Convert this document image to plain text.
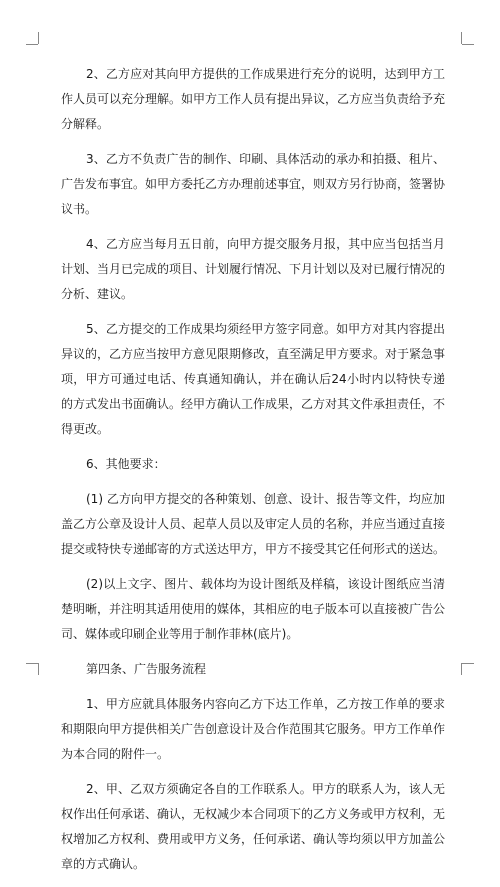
2、乙方应对其向甲方提供的工作成果进行充分的说明，达到甲方工作人员可以充分理解。如甲方工作人员有提出异议，乙方应当负责给予充分解释。

3、乙方不负责广告的制作、印刷、具体活动的承办和拍摄、租片、广告发布事宜。如甲方委托乙方办理前述事宜，则双方另行协商，签署协议书。

4、乙方应当每月五日前，向甲方提交服务月报，其中应当包括当月计划、当月已完成的项目、计划履行情况、下月计划以及对已履行情况的分析、建议。

5、乙方提交的工作成果均须经甲方签字同意。如甲方对其内容提出异议的，乙方应当按甲方意见限期修改，直至满足甲方要求。对于紧急事项，甲方可通过电话、传真通知确认，并在确认后24小时内以特快专递的方式发出书面确认。经甲方确认工作成果，乙方对其文件承担责任，不得更改。

6、其他要求：

(1) 乙方向甲方提交的各种策划、创意、设计、报告等文件，均应加盖乙方公章及设计人员、起草人员以及审定人员的名称，并应当通过直接提交或特快专递邮寄的方式送达甲方，甲方不接受其它任何形式的送达。

(2)以上文字、图片、载体均为设计图纸及样稿，该设计图纸应当清楚明晰，并注明其适用使用的媒体，其相应的电子版本可以直接被广告公司、媒体或印刷企业等用于制作菲林(底片)。

第四条、广告服务流程

1、甲方应就具体服务内容向乙方下达工作单，乙方按工作单的要求和期限向甲方提供相关广告创意设计及合作范围其它服务。甲方工作单作为本合同的附件一。

2、甲、乙双方须确定各自的工作联系人。甲方的联系人为，该人无权作出任何承诺、确认，无权减少本合同项下的乙方义务或甲方权利，无权增加乙方权利、费用或甲方义务，任何承诺、确认等均须以甲方加盖公章的方式确认。
